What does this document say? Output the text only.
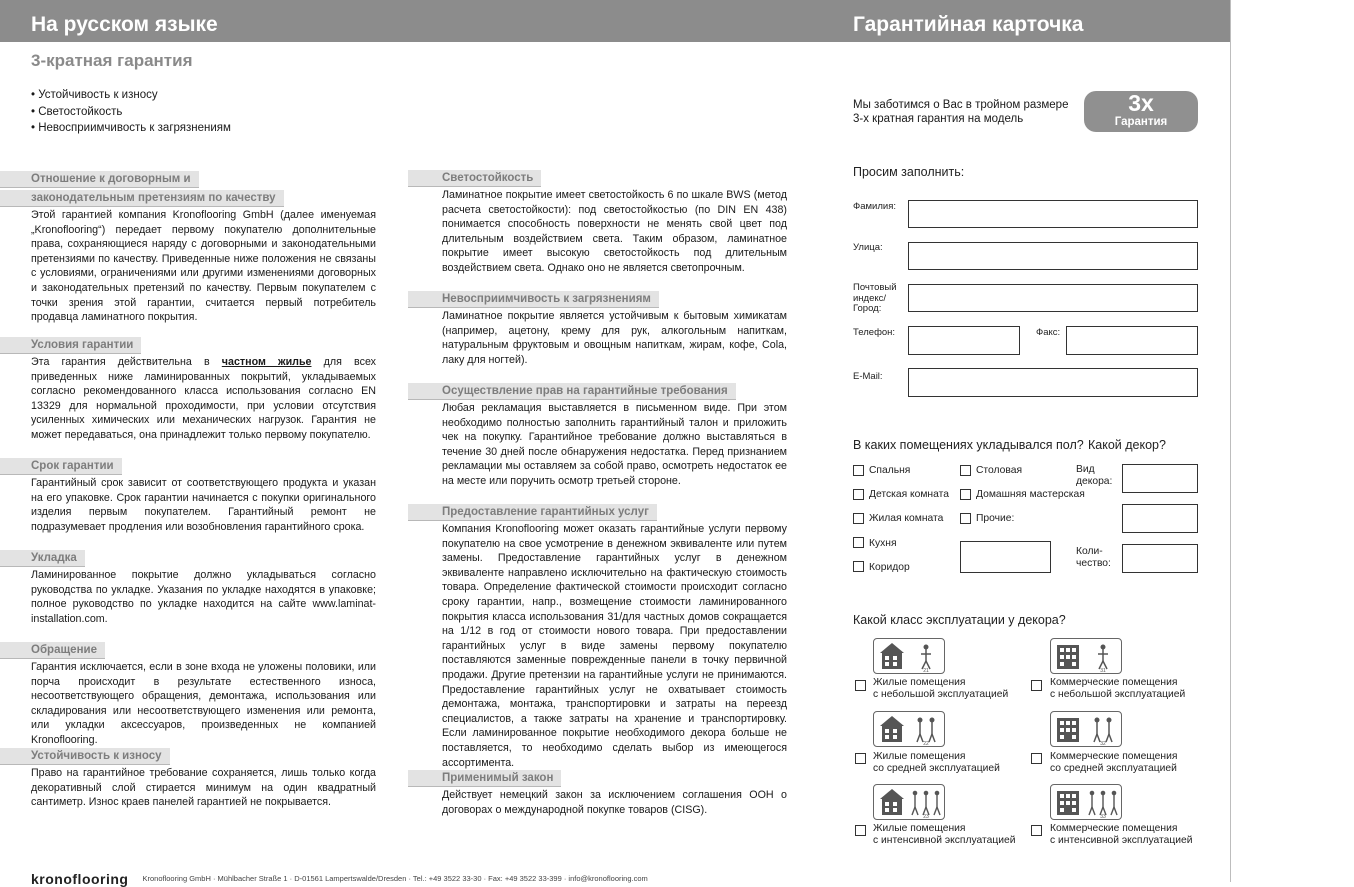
На русском языке	Гарантийная карточка
3-кратная гарантия
• Устойчивость к износу
• Светостойкость
• Невосприимчивость к загрязнениям
Отношение к договорным и
законодательным претензиям по качеству
Этой гарантией компания Kronoflooring GmbH (далее именуемая „Kronoflooring“) передает первому покупателю дополнительные права, сохраняющиеся наряду с договорными и законодательными претензиями по качеству. Приведенные ниже положения не связаны с условиями, ограничениями или другими изменениями договорных и законодательных претензий по качеству. Первым покупателем с точки зрения этой гарантии, считается первый потребитель продавца ламинатного покрытия.
Условия гарантии
Эта гарантия действительна в частном жилье для всех приведенных ниже ламинированных покрытий, укладываемых согласно рекомендованного класса использования согласно EN 13329 для нормальной проходимости, при условии отсутствия усиленных химических или механических нагрузок. Гарантия не может передаваться, она принадлежит только первому покупателю.
Срок гарантии
Гарантийный срок зависит от соответствующего продукта и указан на его упаковке. Срок гарантии начинается с покупки оригинального изделия первым покупателем. Гарантийный ремонт не подразумевает продления или возобновления гарантийного срока.
Укладка
Ламинированное покрытие должно укладываться согласно руководства по укладке. Указания по укладке находятся в упаковке; полное руководство по укладке находится на сайте www.laminat-installation.com.
Обращение
Гарантия исключается, если в зоне входа не уложены половики, или порча происходит в результате естественного износа, несоответствующего обращения, демонтажа, использования или складирования или несоответствующего изменения или ремонта, или укладки аксессуаров, произведенных не компанией Kronoflooring.
Устойчивость к износу
Право на гарантийное требование сохраняется, лишь только когда декоративный слой стирается минимум на один квадратный сантиметр. Износ краев панелей гарантией не покрывается.
Светостойкость
Ламинатное покрытие имеет светостойкость 6 по шкале BWS (метод расчета светостойкости): под светостойкостью (по DIN EN 438) понимается способность поверхности не менять свой цвет под длительным воздействием света. Таким образом, ламинатное покрытие имеет высокую светостойкость под длительным воздействием света. Однако оно не является светопрочным.
Невосприимчивость к загрязнениям
Ламинатное покрытие является устойчивым к бытовым химикатам (например, ацетону, крему для рук, алкогольным напиткам, натуральным фруктовым и овощным напиткам, жирам, кофе, Cola, лаку для ногтей).
Осуществление прав на гарантийные требования
Любая рекламация выставляется в письменном виде. При этом необходимо полностью заполнить гарантийный талон и приложить чек на покупку. Гарантийное требование должно выставляться в течение 30 дней после обнаружения недостатка. Перед признанием рекламации мы оставляем за собой право, осмотреть недостаток ее на месте или поручить осмотр третьей стороне.
Предоставление гарантийных услуг
Компания Kronoflooring может оказать гарантийные услуги первому покупателю на свое усмотрение в денежном эквиваленте или путем замены. Предоставление гарантийных услуг в денежном эквиваленте направлено исключительно на фактическую стоимость товара. Определение фактической стоимости происходит согласно сроку гарантии, напр., возмещение стоимости ламинированного покрытия класса использования 31/для частных домов сокращается на 1/12 в год от стоимости нового товара. При предоставлении гарантийных услуг в виде замены первому покупателю поставляются заменные поврежденные панели в точку первичной продажи. Другие претензии на гарантийные услуги не принимаются. Предоставление гарантийных услуг не охватывает стоимость демонтажа, монтажа, транспортировки и затраты на переезд специалистов, а также затраты на хранение и транспортировку. Если ламинированное покрытие необходимого декора больше не поставляется, то необходимо сделать выбор из имеющегося ассортимента.
Применимый закон
Действует немецкий закон за исключением соглашения ООН о договорах о международной покупке товаров (CISG).
kronoflooring Kronoflooring GmbH · Mühlbacher Straße 1 · D-01561 Lampertswalde/Dresden · Tel.: +49 3522 33-30 · Fax: +49 3522 33-399 · info@kronoflooring.com
Мы заботимся о Вас в тройном размере
3-х кратная гарантия на модель
3x
Гарантия
Просим заполнить:
Фамилия:
Улица:
Почтовый
индекс/
Город:
Телефон:	Факс:
E-Mail:
В каких помещениях укладывался пол? Какой декор?
Спальня	Столовая
Детская комната	Домашняя мастерская
Жилая комната	Прочие:
Кухня
Коридор
Вид
декора:
Коли-
чество:
Какой класс эксплуатации у декора?
21	31
Жилые помещения
с небольшой эксплуатацией
Коммерческие помещения
с небольшой эксплуатацией
22	32
Жилые помещения
со средней эксплуатацией
Коммерческие помещения
со средней эксплуатацией
23	33
Жилые помещения
с интенсивной эксплуатацией
Коммерческие помещения
с интенсивной эксплуатацией
